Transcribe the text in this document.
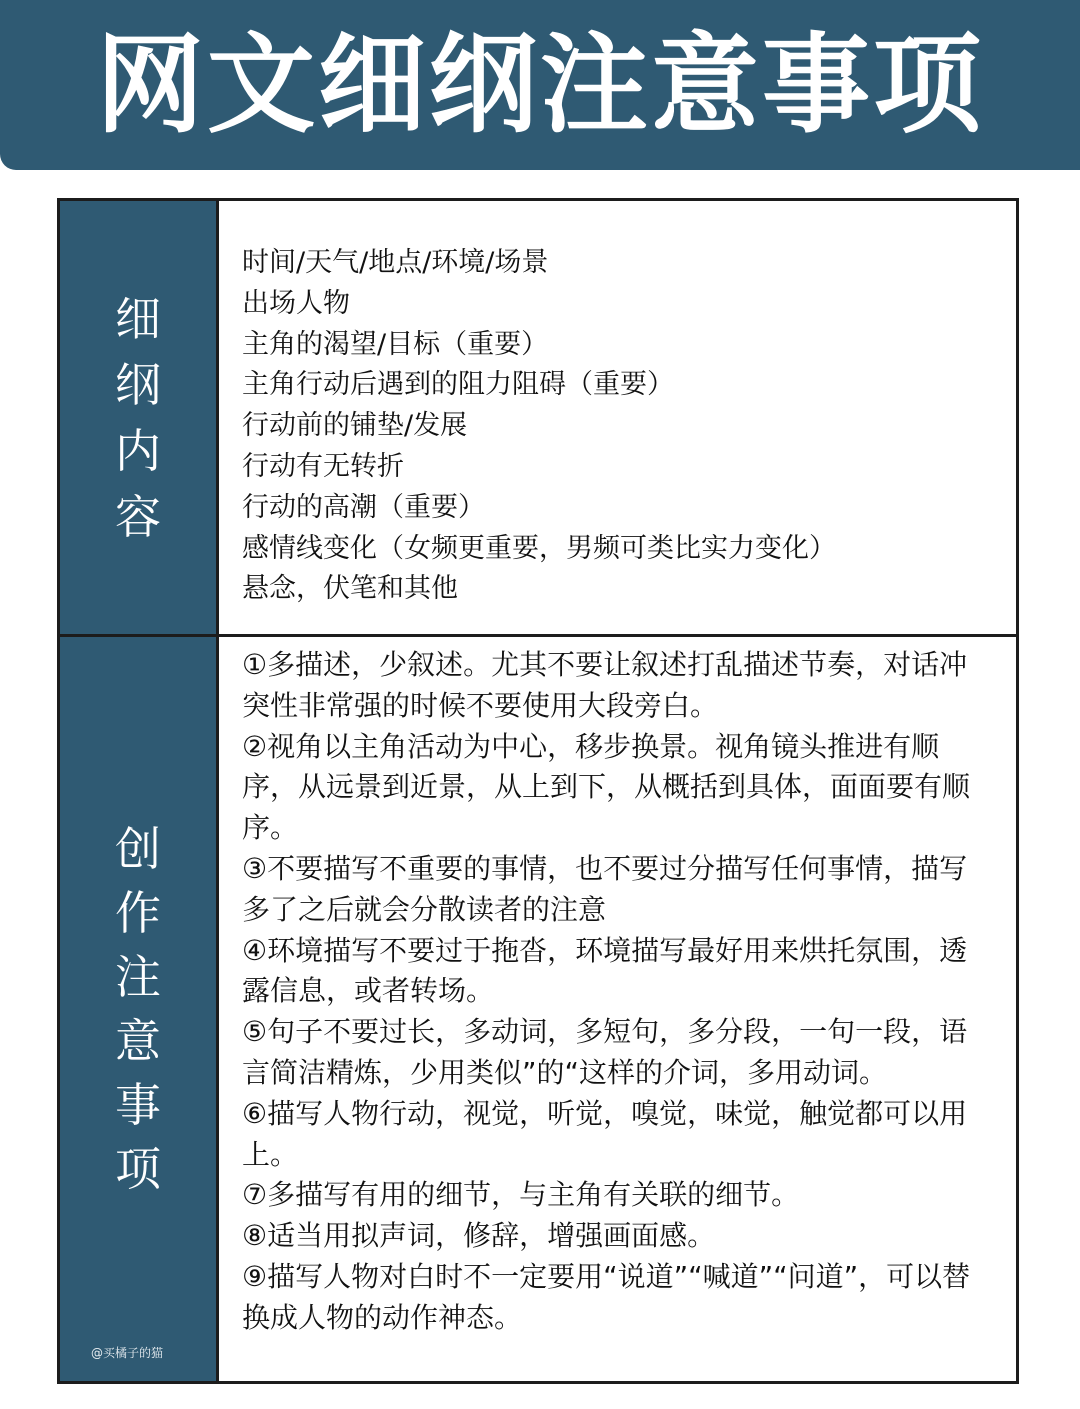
网文细纲注意事项
细纲内容

时间/天气/地点/环境/场景

出场人物

主角的渴望/目标（重要）

主角行动后遇到的阻力阻碍（重要）

行动前的铺垫/发展

行动有无转折

行动的高潮（重要）

感情线变化（女频更重要，男频可类比实力变化）

悬念，伏笔和其他

创作注意事项
@买橘子的猫

①多描述，少叙述。尤其不要让叙述打乱描述节奏，对话冲突性非常强的时候不要使用大段旁白。

②视角以主角活动为中心，移步换景。视角镜头推进有顺序，从远景到近景，从上到下，从概括到具体，面面要有顺序。

③不要描写不重要的事情，也不要过分描写任何事情，描写多了之后就会分散读者的注意

④环境描写不要过于拖沓，环境描写最好用来烘托氛围，透露信息，或者转场。

⑤句子不要过长，多动词，多短句，多分段，一句一段，语言简洁精炼，少用类似”的“这样的介词，多用动词。

⑥描写人物行动，视觉，听觉，嗅觉，味觉，触觉都可以用上。

⑦多描写有用的细节，与主角有关联的细节。

⑧适当用拟声词，修辞，增强画面感。

⑨描写人物对白时不一定要用“说道”“喊道”“问道”，可以替换成人物的动作神态。
